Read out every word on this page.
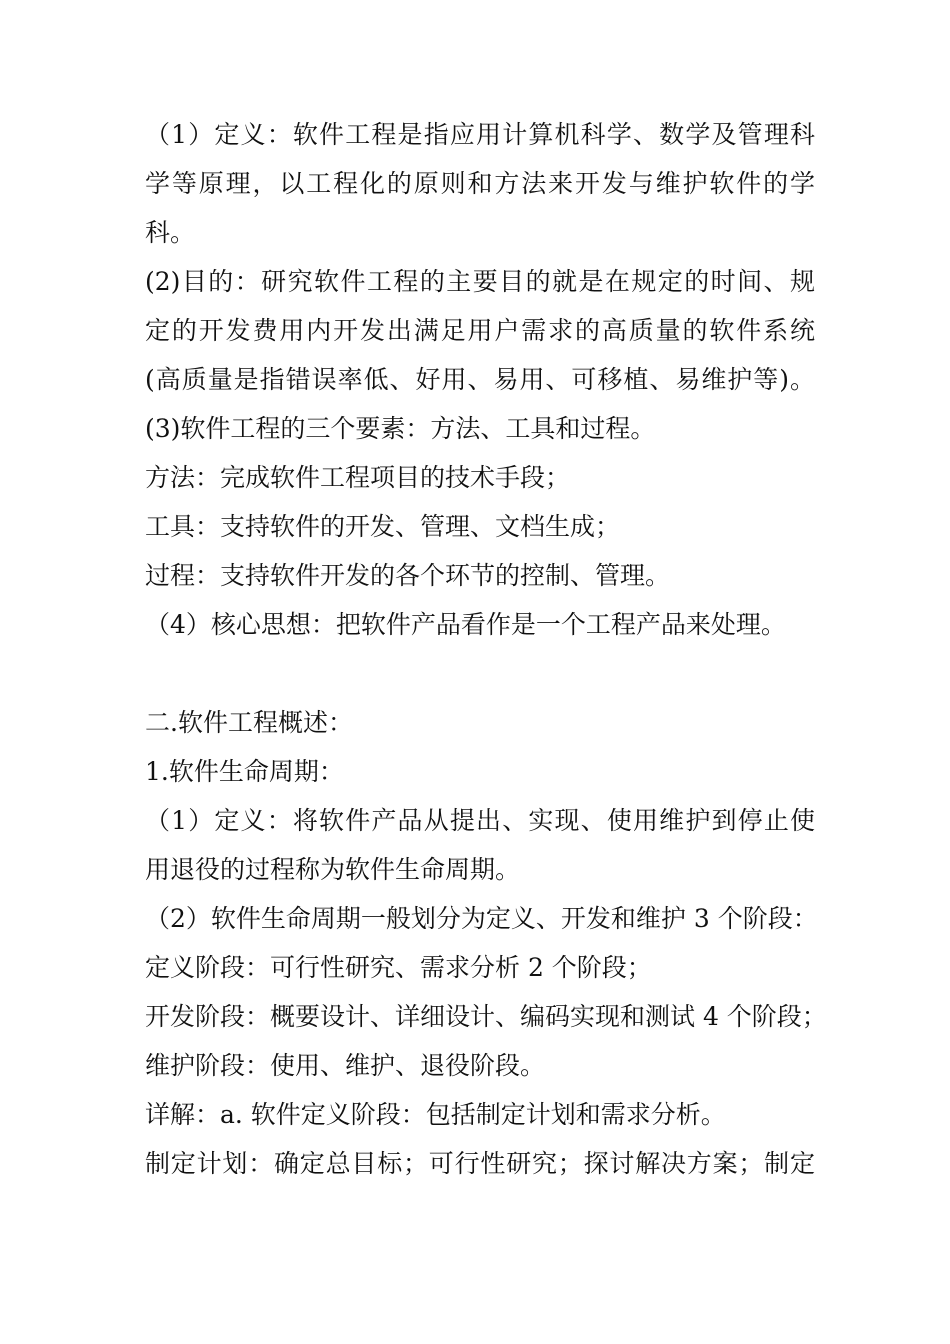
（1）定义：软件工程是指应用计算机科学、数学及管理科
学等原理，以工程化的原则和方法来开发与维护软件的学
科。
(2)目的：研究软件工程的主要目的就是在规定的时间、规
定的开发费用内开发出满足用户需求的高质量的软件系统
(高质量是指错误率低、好用、易用、可移植、易维护等)。
(3)软件工程的三个要素：方法、工具和过程。
方法：完成软件工程项目的技术手段；
工具：支持软件的开发、管理、文档生成；
过程：支持软件开发的各个环节的控制、管理。
（4）核心思想：把软件产品看作是一个工程产品来处理。
二.软件工程概述：
1.软件生命周期：
（1）定义：将软件产品从提出、实现、使用维护到停止使
用退役的过程称为软件生命周期。
（2）软件生命周期一般划分为定义、开发和维护 3 个阶段：
定义阶段：可行性研究、需求分析 2 个阶段；
开发阶段：概要设计、详细设计、编码实现和测试 4 个阶段；
维护阶段：使用、维护、退役阶段。
详解：a. 软件定义阶段：包括制定计划和需求分析。
制定计划：确定总目标；可行性研究；探讨解决方案；制定
